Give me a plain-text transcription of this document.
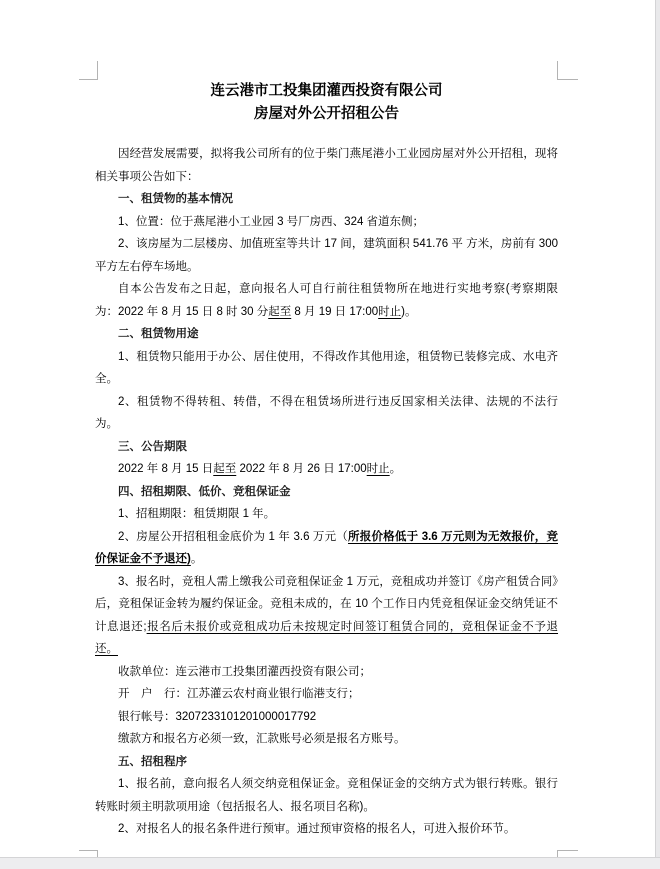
连云港市工投集团灌西投资有限公司

房屋对外公开招租公告

因经营发展需要，拟将我公司所有的位于柴门燕尾港小工业园房屋对外公开招租，现将相关事项公告如下：

一、租赁物的基本情况

1、位置：位于燕尾港小工业园 3 号厂房西、324 省道东侧；

2、该房屋为二层楼房、加值班室等共计 17 间，建筑面积 541.76 平 方米，房前有 300 平方左右停车场地。

自本公告发布之日起，意向报名人可自行前往租赁物所在地进行实地考察(考察期限为：2022 年 8 月 15 日 8 时 30 分起至 8 月 19 日 17:00时止)。

二、租赁物用途

1、租赁物只能用于办公、居住使用，不得改作其他用途，租赁物已装修完成、水电齐全。

2、租赁物不得转租、转借，不得在租赁场所进行违反国家相关法律、法规的不法行为。

三、公告期限

2022 年 8 月 15 日起至 2022 年 8 月 26 日 17:00时止。

四、招租期限、低价、竞租保证金

1、招租期限：租赁期限 1 年。

2、房屋公开招租租金底价为 1 年 3.6 万元（所报价格低于 3.6 万元则为无效报价，竞价保证金不予退还)。

3、报名时，竞租人需上缴我公司竞租保证金 1 万元，竞租成功并签订《房产租赁合同》后，竞租保证金转为履约保证金。竞租未成的，在 10 个工作日内凭竞租保证金交纳凭证不计息退还;报名后未报价或竞租成功后未按规定时间签订租赁合同的，竞租保证金不予退还。

收款单位：连云港市工投集团灌西投资有限公司；

开　户　行：江苏灌云农村商业银行临港支行；

银行帐号：3207233101201000017792

缴款方和报名方必须一致，汇款账号必须是报名方账号。

五、招租程序

1、报名前，意向报名人须交纳竞租保证金。竞租保证金的交纳方式为银行转账。银行转账时须主明款项用途（包括报名人、报名项目名称)。

2、对报名人的报名条件进行预审。通过预审资格的报名人，可进入报价环节。
